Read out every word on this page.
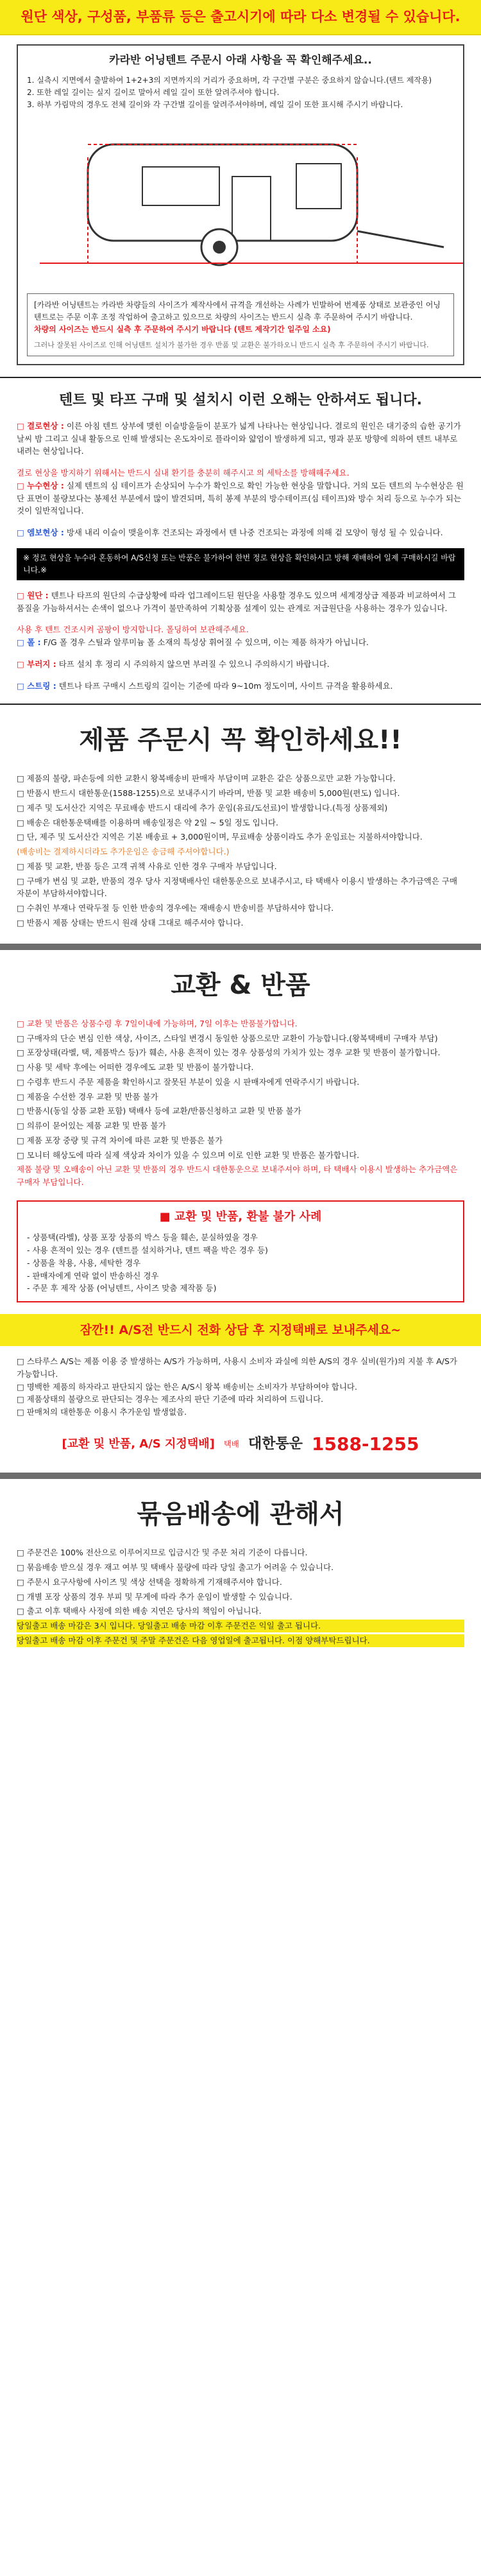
원단 색상, 구성품, 부품류 등은 출고시기에 따라 다소 변경될 수 있습니다.
카라반 어닝텐트 주문시 아래 사항을 꼭 확인해주세요..
1. 실측시 지면에서 출발하여 1+2+3의 지면까지의 거리가 중요하며, 각 구간별 구분은 중요하지 않습니다.(텐트 제작용)
2. 또한 레일 길이는 실지 길이로 말아서 레일 길이 또한 알려주셔야 합니다.
3. 하부 가림막의 경우도 전체 길이와 각 구간별 길이를 알려주셔야하며, 레일 길이 또한 표시해 주시기 바랍니다.

[카라반 어닝텐트는 카라반 차량들의 사이즈가 제작사에서 규격을 개선하는 사례가 빈발하여 번제품 상태로 보관중인 어닝텐트로는 주문 이후 조정 작업하여 출고하고 있으므로 차량의 사이즈는 반드시 실측 후 주문하여 주시기 바랍니다.

차량의 사이즈는 반드시 실측 후 주문하여 주시기 바랍니다 (텐트 제작기간 일주일 소요)

그러나 잘못된 사이즈로 인해 어닝텐트 설치가 불가한 경우 반품 및 교환은 불가하오니 반드시 실측 후 주문하여 주시기 바랍니다.

텐트 및 타프 구매 및 설치시 이런 오해는 안하셔도 됩니다.
□ 결로현상 : 이른 아침 텐트 상부에 맺힌 이슬방울들이 분포가 넓게 나타나는 현상입니다. 결로의 원인은 대기중의 습한 공기가 날씨 밤 그리고 실내 활동으로 인해 발생되는 온도차이로 플라이와 얇엄이 발생하게 되고, 명과 분포 방향에 의하여 텐트 내부로 내려는 현상입니다.

결로 현상을 방지하기 위해서는 반드시 실내 환기를 충분히 해주시고 의 세탁소를 방해해주세요.

□ 누수현상 : 실제 텐트의 심 테이프가 손상되어 누수가 확인으로 확인 가능한 현상을 말합니다. 거의 모든 텐트의 누수현상은 원단 표면이 불량보다는 봉제선 부분에서 많이 발견되며, 특히 봉제 부분의 방수테이프(심 테이프)와 방수 처리 등으로 누수가 되는 것이 일반적입니다.
□ 엠보현상 : 방새 내리 이슬이 맺을이후 건조되는 과정에서 텐 나중 건조되는 과정에 의해 겉 모양이 형성 될 수 있습니다.
※ 정로 현상을 누수라 혼동하여 A/S신청 또는 반품은 불가하여 한번 정로 현상을 확인하시고 방해 재배하여 일제 구매하시길 바랍니다.※
□ 원단 : 텐트나 타프의 원단의 수급상황에 따라 업그레이드된 원단을 사용할 경우도 있으며 세계경상급 제품과 비교하여서 그 품질을 가늠하셔서는 손색이 없으나 가격이 불만족하여 기획상품 설계이 있는 관계로 저급원단을 사용하는 경우가 있습니다.

사용 후 텐트 건조시켜 곰팡이 방지합니다. 폴딩하여 보관해주세요.

□ 폴 : F/G 폴 경우 스틸과 알루미늄 폴 소재의 특성상 휘어질 수 있으며, 이는 제품 하자가 아닙니다.
□ 부러지 : 타프 설치 후 정리 시 주의하지 않으면 부러질 수 있으니 주의하시기 바랍니다.
□ 스트링 : 텐트나 타프 구매시 스트링의 길이는 기준에 따라 9~10m 정도이며, 사이트 규격을 활용하세요.
제품 주문시 꼭 확인하세요!!

□ 제품의 불량, 파손등에 의한 교환시 왕복배송비 판매자 부담이며 교환은 같은 상품으로만 교환 가능합니다.

□ 반품시 반드시 대한통운(1588-1255)으로 보내주시기 바라며, 반품 및 교환 배송비 5,000원(편도) 입니다.

□ 제주 및 도서산간 지역은 무료배송 반드시 대리에 추가 운임(유료/도선료)이 발생합니다.(특정 상품제외)

□ 배송은 대한통운택배를 이용하며 배송일정은 약 2일 ~ 5일 정도 입니다.

□ 단, 제주 및 도서산간 지역은 기본 배송료 + 3,000원이며, 무료배송 상품이라도 추가 운임료는 지불하셔야합니다.

(배송비는 결제하시더라도 추가운임은 송금해 주셔야합니다.)

□ 제품 및 교환, 반품 등은 고객 귀책 사유로 인한 경우 구매자 부담입니다.

□ 구매가 변심 및 교환, 반품의 경우 당사 지정택배사인 대한통운으로 보내주시고, 타 택배사 이용시 발생하는 추가금액은 구매자분이 부담하셔야합니다.

□ 수취인 부재나 연락두절 등 인한 반송의 경우에는 재배송시 반송비를 부담하셔야 합니다.

□ 반품시 제품 상태는 반드시 원래 상태 그대로 해주셔야 합니다.

교환 & 반품

□ 교환 및 반품은 상품수령 후 7일이내에 가능하며, 7일 이후는 반품불가합니다.

□ 구매자의 단순 변심 인한 색상, 사이즈, 스타일 변경시 동일한 상품으로만 교환이 가능합니다.(왕복택배비 구매자 부담)

□ 포장상태(라벨, 택, 제품박스 등)가 훼손, 사용 흔적이 있는 경우 상품성의 가치가 있는 경우 교환 및 반품이 불가합니다.

□ 사용 및 세탁 후에는 어떠한 경우에도 교환 및 반품이 불가합니다.

□ 수령후 반드시 주문 제품을 확인하시고 잘못된 부분이 있을 시 판매자에게 연락주시기 바랍니다.

□ 제품을 수선한 경우 교환 및 반품 불가

□ 반품시(동일 상품 교환 포함) 택배사 등에 교환/반품신청하고 교환 및 반품 불가

□ 의류이 묻어있는 제품 교환 및 반품 불가

□ 제품 포장 중량 및 규격 차이에 따른 교환 및 반품은 불가

□ 모니터 해상도에 따라 실제 색상과 차이가 있을 수 있으며 이로 인한 교환 및 반품은 불가합니다.

제품 불량 및 오배송이 아닌 교환 및 반품의 경우 반드시 대한통운으로 보내주셔야 하며, 타 택배사 이용시 발생하는 추가금액은 구매자 부담입니다.

■ 교환 및 반품, 환불 불가 사례

- 상품택(라벨), 상품 포장 상품의 박스 등을 훼손, 분실하였을 경우

- 사용 흔적이 있는 경우 (텐트를 설치하거나, 텐트 팩을 박은 경우 등)

- 상품을 착용, 사용, 세탁한 경우

- 판매자에게 연락 없이 반송하신 경우

- 주문 후 제작 상품 (어닝텐트, 사이즈 맞춤 제작품 등)

잠깐!! A/S전 반드시 전화 상담 후 지정택배로 보내주세요~

□ 스타루스 A/S는 제품 이용 중 발생하는 A/S가 가능하며, 사용시 소비자 과실에 의한 A/S의 경우 실비(원가)의 지불 후 A/S가 가능합니다.

□ 명백한 제품의 하자라고 판단되지 않는 한은 A/S시 왕복 배송비는 소비자가 부담하여야 합니다.

□ 제품상태의 불량으로 판단되는 경우는 제조사의 판단 기준에 따라 처리하여 드립니다.

□ 판매처의 대한통운 이용시 추가운임 발생없음.

[교환 및 반품, A/S 지정택배] 택배 대한통운 1588-1255
묶음배송에 관해서

□ 주문건은 100% 전산으로 이루어지므로 입금시간 및 주문 처리 기준이 다릅니다.

□ 묶음배송 받으실 경우 재고 여부 및 택배사 물량에 따라 당일 출고가 어려울 수 있습니다.

□ 주문시 요구사항에 사이즈 및 색상 선택을 정확하게 기재해주셔야 합니다.

□ 개별 포장 상품의 경우 부피 및 무게에 따라 추가 운임이 발생할 수 있습니다.

□ 출고 이후 택배사 사정에 의한 배송 지연은 당사의 책임이 아닙니다.

당일출고 배송 마감은 3시 입니다. 당일출고 배송 마감 이후 주문건은 익일 출고 됩니다.

당일출고 배송 마감 이후 주문건 및 주말 주문건은 다음 영업일에 출고됩니다. 이점 양해부탁드립니다.
